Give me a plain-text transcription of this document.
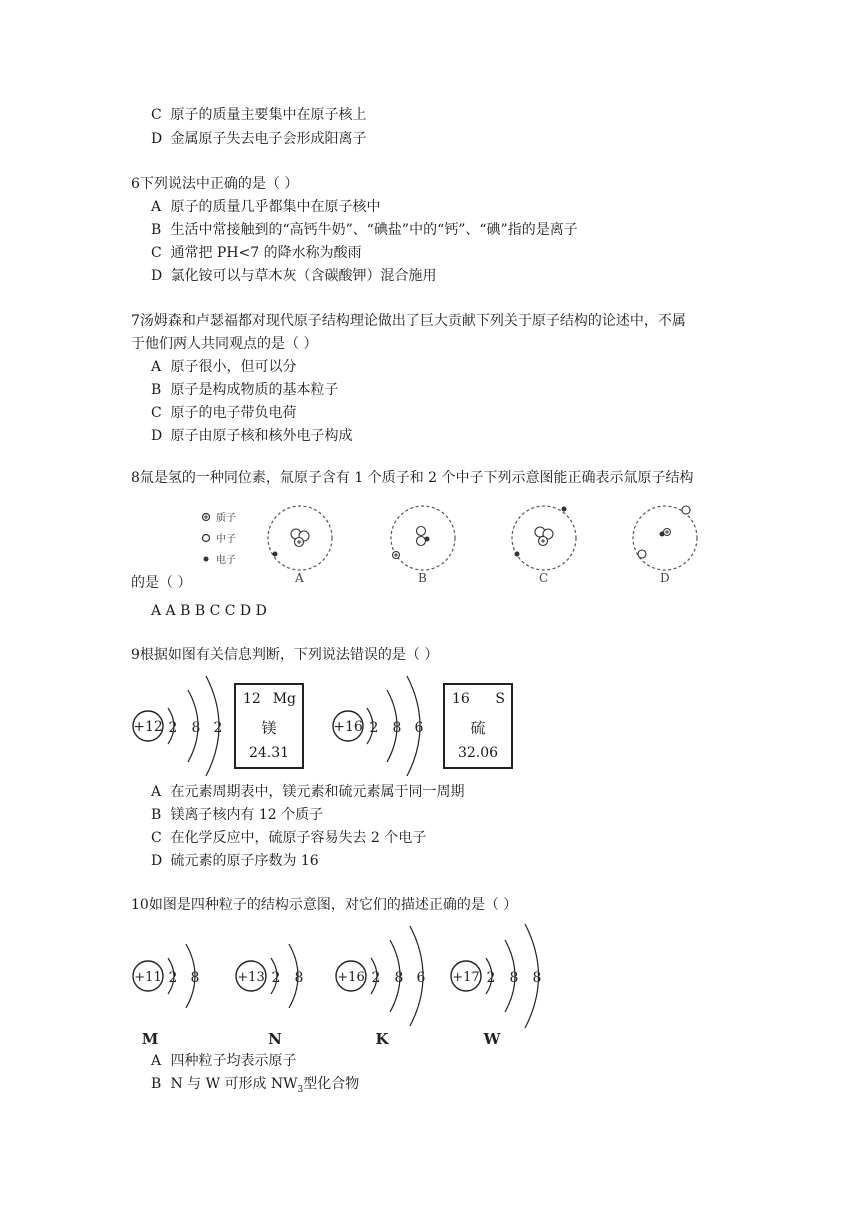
C 原子的质量主要集中在原子核上
D 金属原子失去电子会形成阳离子
6下列说法中正确的是（ ）
A 原子的质量几乎都集中在原子核中
B 生活中常接触到的“高钙牛奶”、“碘盐”中的“钙”、“碘”指的是离子
C 通常把 PH<7 的降水称为酸雨
D 氯化铵可以与草木灰（含碳酸钾）混合施用
7汤姆森和卢瑟福都对现代原子结构理论做出了巨大贡献下列关于原子结构的论述中，不属
于他们两人共同观点的是（ ）
A 原子很小，但可以分
B 原子是构成物质的基本粒子
C 原子的电子带负电荷
D 原子由原子核和核外电子构成
8氚是氢的一种同位素，氚原子含有 1 个质子和 2 个中子下列示意图能正确表示氚原子结构
质子
中子
电子
A	B	C	D
的是（ ）
A A B B C C D D
9根据如图有关信息判断，下列说法错误的是（ ）
+12 2 8 2
12 Mg
镁
24.31
+16 2 8 6
16 S
硫
32.06
A 在元素周期表中，镁元素和硫元素属于同一周期
B 镁离子核内有 12 个质子
C 在化学反应中，硫原子容易失去 2 个电子
D 硫元素的原子序数为 16
10如图是四种粒子的结构示意图，对它们的描述正确的是（ ）
+11 2 8
M
+13 2 8
N
+16 2 8 6
K
+17 2 8 8
W
A 四种粒子均表示原子
B N 与 W 可形成 $NW_3$型化合物
